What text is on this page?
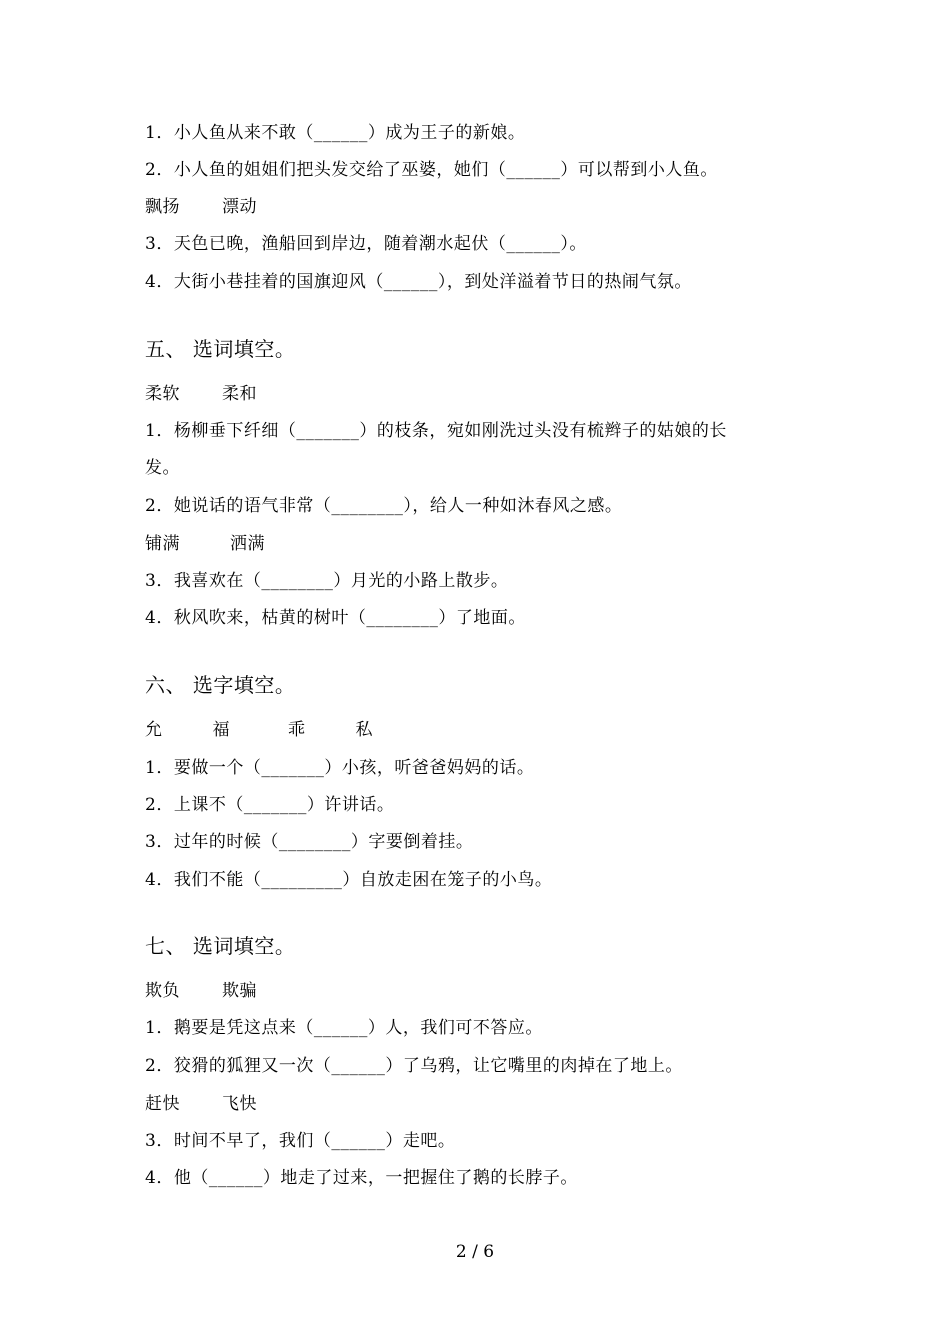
1．小人鱼从来不敢（______）成为王子的新娘。
2．小人鱼的姐姐们把头发交给了巫婆，她们（______）可以帮到小人鱼。
飘扬 漂动
3．天色已晚，渔船回到岸边，随着潮水起伏（______）。
4．大街小巷挂着的国旗迎风（______），到处洋溢着节日的热闹气氛。
五、 选词填空。
柔软 柔和
1．杨柳垂下纤细（_______）的枝条，宛如刚洗过头没有梳辫子的姑娘的长
发。
2．她说话的语气非常（________），给人一种如沐春风之感。
铺满	洒满
3．我喜欢在（________）月光的小路上散步。
4．秋风吹来，枯黄的树叶（________）了地面。
六、 选字填空。
允	福	乖	私
1．要做一个（_______）小孩，听爸爸妈妈的话。
2．上课不（_______）许讲话。
3．过年的时候（________）字要倒着挂。
4．我们不能（_________）自放走困在笼子的小鸟。
七、 选词填空。
欺负 欺骗
1．鹅要是凭这点来（______）人，我们可不答应。
2．狡猾的狐狸又一次（______）了乌鸦，让它嘴里的肉掉在了地上。
赶快 飞快
3．时间不早了，我们（______）走吧。
4．他（______）地走了过来，一把握住了鹅的长脖子。
2 / 6
